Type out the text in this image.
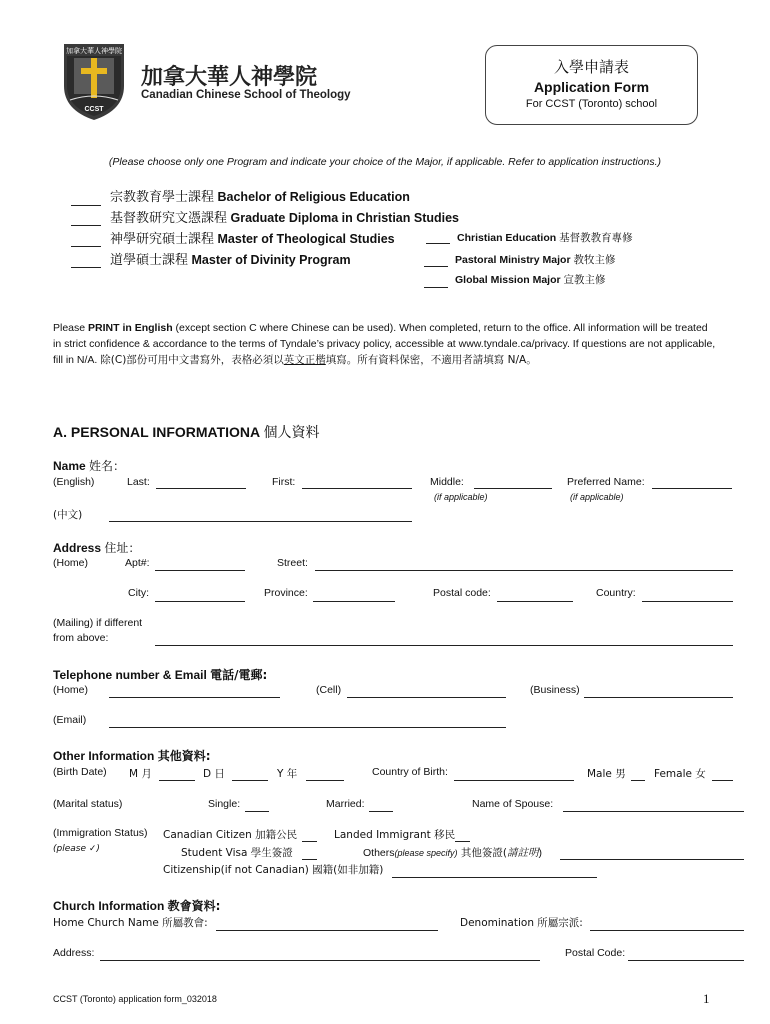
加拿大華人神學院
CCST
加拿大華人神學院
Canadian Chinese School of Theology
入學申請表
Application Form
For CCST (Toronto) school
(Please choose only one Program and indicate your choice of the Major, if applicable. Refer to application instructions.)
宗教教育學士課程 Bachelor of Religious Education
基督教研究文憑課程 Graduate Diploma in Christian Studies
神學研究碩士課程 Master of Theological Studies
道學碩士課程 Master of Divinity Program
Christian Education 基督教教育專修
Pastoral Ministry Major 教牧主修
Global Mission Major 宣教主修
Please PRINT in English (except section C where Chinese can be used). When completed, return to the office. All information will be treated in strict confidence & accordance to the terms of Tyndale’s privacy policy, accessible at www.tyndale.ca/privacy. If questions are not applicable, fill in N/A. 除(C)部份可用中文書寫外，表格必須以英文正楷填寫。所有資料保密，不適用者請填寫 N/A。
A. PERSONAL INFORMATIONA 個人資料
Name 姓名：
(English)	Last:	First:	Middle:	Preferred Name:
(if applicable)	(if applicable)
(中文)
Address 住址：
(Home)	Apt#:	Street:
City:	Province:	Postal code:	Country:
(Mailing) if different
from above:
Telephone number & Email 電話/電郵:
(Home)	(Cell)	(Business)
(Email)
Other Information 其他資料:
(Birth Date) M 月	D 日	Y 年	Country of Birth:	Male 男	Female 女
(Marital status)	Single:	Married:	Name of Spouse:
(Immigration Status)
(please ✓)
Canadian Citizen 加籍公民	Landed Immigrant 移民
Student Visa 學生簽證	Others(please specify) 其他簽證(請註明)
Citizenship(if not Canadian) 國籍(如非加籍)
Church Information 教會資料:
Home Church Name 所屬教會:	Denomination 所屬宗派:
Address:	Postal Code:
CCST (Toronto) application form_032018	1
